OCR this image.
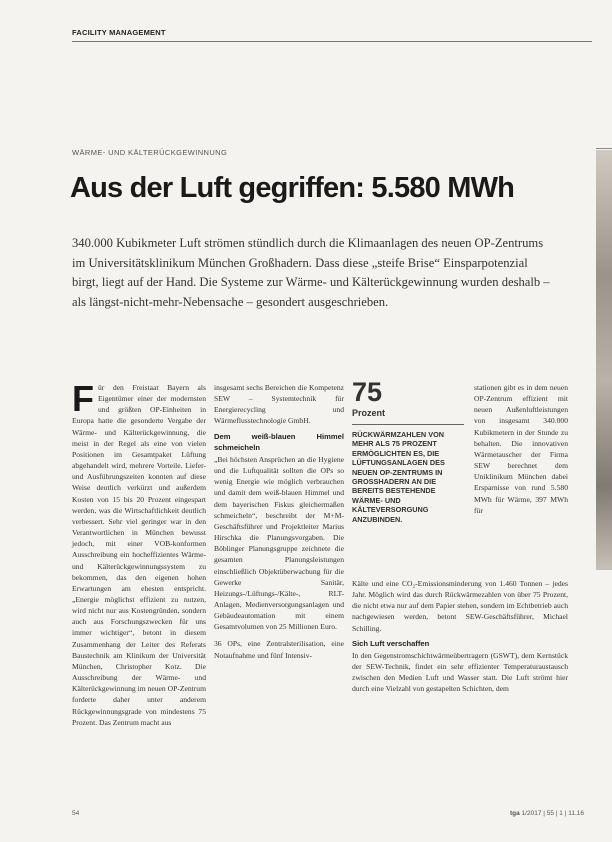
FACILITY MANAGEMENT
WÄRME- UND KÄLTERÜCKGEWINNUNG
Aus der Luft gegriffen: 5.580 MWh
340.000 Kubikmeter Luft strömen stündlich durch die Klimaanlagen des neuen OP-Zentrums im Universitätsklinikum München Großhadern. Dass diese „steife Brise“ Einsparpotenzial birgt, liegt auf der Hand. Die Systeme zur Wärme- und Kälterückgewinnung wurden deshalb – als längst-nicht-mehr-Nebensache – gesondert ausgeschrieben.
F ür den Freistaat Bayern als Eigentümer einer der modernsten und größten OP-Einheiten in Europa hatte die gesonderte Vergabe der Wärme- und Kälterückgewinnung, die meist in der Regel als eine von vielen Positionen im Gesamtpaket Lüftung abgehandelt wird, mehrere Vorteile. Liefer- und Ausführungszeiten konnten auf diese Weise deutlich verkürzt und außerdem Kosten von 15 bis 20 Prozent eingespart werden, was die Wirtschaftlichkeit deutlich verbessert. Sehr viel geringer war in den Verantwortlichen in München bewusst jedoch, mit einer VOB-konformen Ausschreibung ein hocheffizientes Wärme- und Kälterückgewinnungssystem zu bekommen, das den eigenen hohen Erwartungen am ehesten entspricht. „Energie möglichst effizient zu nutzen, wird nicht nur aus Kostengründen, sondern auch aus Forschungszwecken für uns immer wichtiger“, betont in diesem Zusammenhang der Leiter des Referats Baustechnik am Klinikum der Universität München, Christopher Kotz. Die Ausschreibung der Wärme- und Kälterückgewinnung im neuen OP-Zentrum forderte daher unter anderem Rückgewinnungsgrade von mindestens 75 Prozent. Das Zentrum macht aus

insgesamt sechs Bereichen die Kompetenz SEW – Systemtechnik für Energierecycling und Wärmeflusstechnologie GmbH.

Dem weiß-blauen Himmel schmeicheln

„Bei höchsten Ansprüchen an die Hygiene und die Luftqualität sollten die OPs so wenig Energie wie möglich verbrauchen und damit dem weiß-blauen Himmel und dem bayerischen Fiskus gleichermaßen schmeicheln“, beschreibt der M+M-Geschäftsführer und Projektleiter Marius Hirschka die Planungsvorgaben. Die Böblinger Planungsgruppe zeichnete die gesamten Planungsleistungen einschließlich Objektüberwachung für die Gewerke Sanitär, Heizungs-/Lüftungs-/Kälte-, RLT-Anlagen, Medienversorgungsanlagen und Gebäudeautomation mit einem Gesamtvolumen von 25 Millionen Euro.

36 OPs, eine Zentralsterilisation, eine Notaufnahme und fünf Intensiv-

75
Prozent
RÜCKWÄRMZAHLEN VON MEHR ALS 75 PROZENT ERMÖGLICHTEN ES, DIE LÜFTUNGSANLAGEN DES NEUEN OP-ZENTRUMS IN GROSSHADERN AN DIE BEREITS BESTEHENDE WÄRME- UND KÄLTEVERSORGUNG ANZUBINDEN.

stationen gibt es in dem neuen OP-Zentrum effizient mit neuen Außenluftleistungen von insgesamt 340.000 Kubikmetern in der Stunde zu behalten. Die innovativen Wärmetauscher der Firma SEW berechnet dem Uniklinikum München dabei Ersparnisse von rund 5.580 MWh für Wärme, 397 MWh für

Kälte und eine CO₂-Emissionsminderung von 1.460 Tonnen – jedes Jahr. Möglich wird das durch Rückwärmezahlen von über 75 Prozent, die nicht etwa nur auf dem Papier stehen, sondern im Echtbetrieb auch nachgewiesen werden, betont SEW-Geschäftsführer, Michael Schilling.

Sich Luft verschaffen

In den Gegenstromschichtwärmeübertragern (GSWT), dem Kernstück der SEW-Technik, findet ein sehr effizienter Temperaturaustausch zwischen den Medien Luft und Wasser statt. Die Luft strömt hier durch eine Vielzahl von gestapelten Schichten, dem

54	tga 1/2017 | 55 | 1 | 11.16
